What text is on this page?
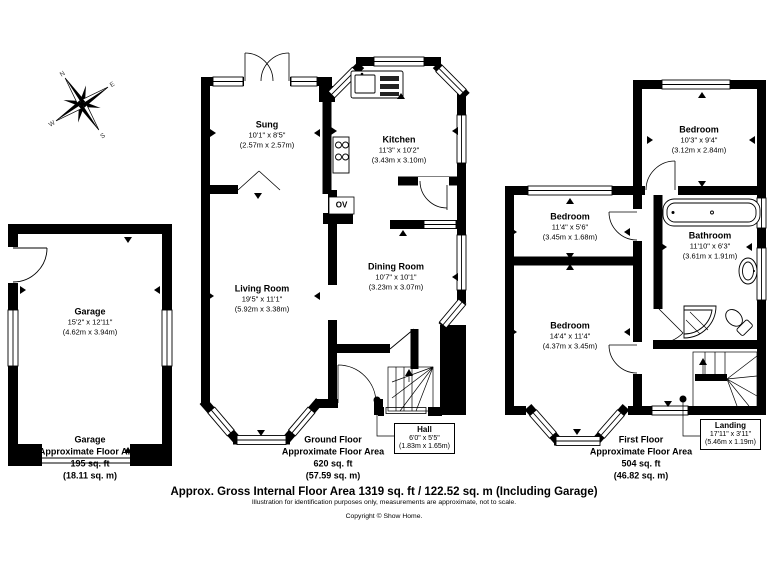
N
E
S
W
Garage
15'2" x 12'11"
(4.62m x 3.94m)
Sung
10'1" x 8'5"
(2.57m x 2.57m)
Kitchen
11'3" x 10'2"
(3.43m x 3.10m)
Living Room
19'5" x 11'1"
(5.92m x 3.38m)
Dining Room
10'7" x 10'1"
(3.23m x 3.07m)
Hall
6'0" x 5'5"
(1.83m x 1.65m)
Bedroom
10'3" x 9'4"
(3.12m x 2.84m)
Bedroom
11'4" x 5'6"
(3.45m x 1.68m)
Bedroom
14'4" x 11'4"
(4.37m x 3.45m)
Bathroom
11'10" x 6'3"
(3.61m x 1.91m)
Landing
17'11" x 3'11"
(5.46m x 1.19m)
OV
Garage
Approximate Floor Area
195 sq. ft
(18.11 sq. m)
Ground Floor
Approximate Floor Area
620 sq. ft
(57.59 sq. m)
First Floor
Approximate Floor Area
504 sq. ft
(46.82 sq. m)
Approx. Gross Internal Floor Area 1319 sq. ft / 122.52 sq. m (Including Garage)
Illustration for identification purposes only, measurements are approximate, not to scale.
Copyright © Show Home.
